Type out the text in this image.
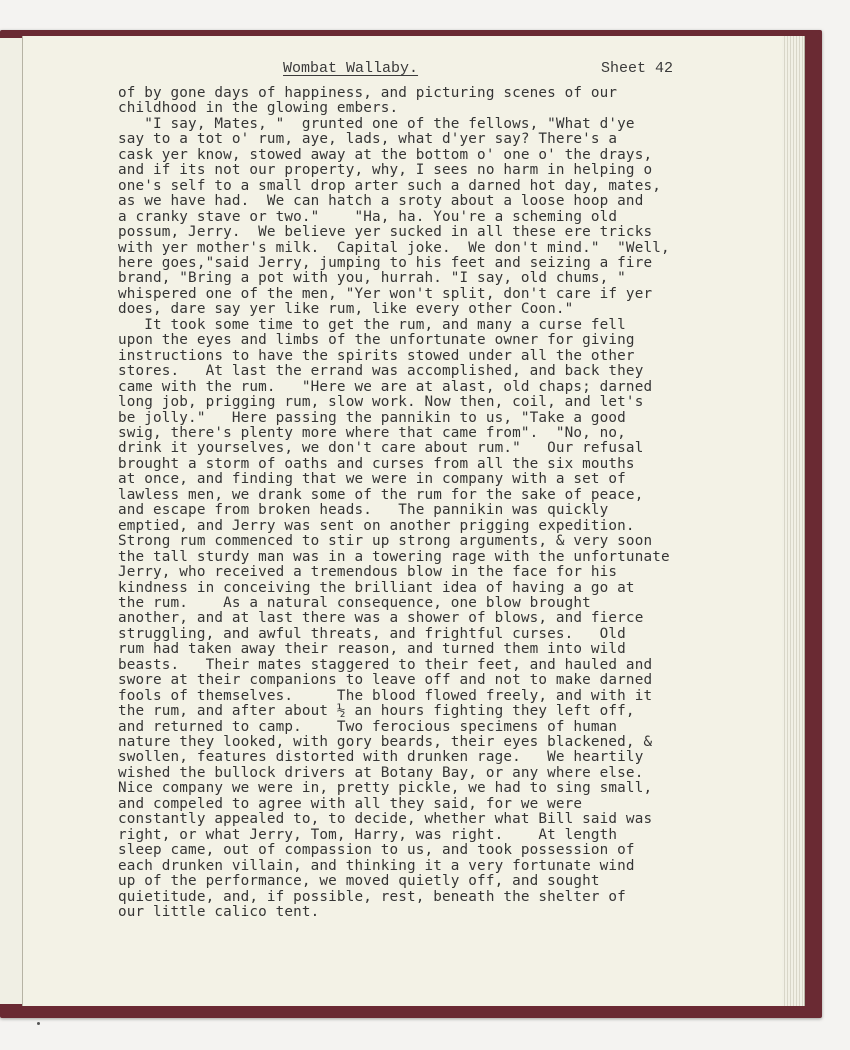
Wombat Wallaby.	Sheet 42
of by gone days of happiness, and picturing scenes of our
childhood in the glowing embers.
"I say, Mates, "  grunted one of the fellows, "What d'ye
say to a tot o' rum, aye, lads, what d'yer say? There's a
cask yer know, stowed away at the bottom o' one o' the drays,
and if its not our property, why, I sees no harm in helping o
one's self to a small drop arter such a darned hot day, mates,
as we have had.  We can hatch a sroty about a loose hoop and
a cranky stave or two."    "Ha, ha. You're a scheming old
possum, Jerry.  We believe yer sucked in all these ere tricks
with yer mother's milk.  Capital joke.  We don't mind."  "Well,
here goes,"said Jerry, jumping to his feet and seizing a fire
brand, "Bring a pot with you, hurrah. "I say, old chums, "
whispered one of the men, "Yer won't split, don't care if yer
does, dare say yer like rum, like every other Coon."
It took some time to get the rum, and many a curse fell
upon the eyes and limbs of the unfortunate owner for giving
instructions to have the spirits stowed under all the other
stores.   At last the errand was accomplished, and back they
came with the rum.   "Here we are at alast, old chaps; darned
long job, prigging rum, slow work. Now then, coil, and let's
be jolly."   Here passing the pannikin to us, "Take a good
swig, there's plenty more where that came from".  "No, no,
drink it yourselves, we don't care about rum."   Our refusal
brought a storm of oaths and curses from all the six mouths
at once, and finding that we were in company with a set of
lawless men, we drank some of the rum for the sake of peace,
and escape from broken heads.   The pannikin was quickly
emptied, and Jerry was sent on another prigging expedition.
Strong rum commenced to stir up strong arguments, & very soon
the tall sturdy man was in a towering rage with the unfortunate
Jerry, who received a tremendous blow in the face for his
kindness in conceiving the brilliant idea of having a go at
the rum.    As a natural consequence, one blow brought
another, and at last there was a shower of blows, and fierce
struggling, and awful threats, and frightful curses.   Old
rum had taken away their reason, and turned them into wild
beasts.   Their mates staggered to their feet, and hauled and
swore at their companions to leave off and not to make darned
fools of themselves.     The blood flowed freely, and with it
the rum, and after about ½ an hours fighting they left off,
and returned to camp.    Two ferocious specimens of human
nature they looked, with gory beards, their eyes blackened, &
swollen, features distorted with drunken rage.   We heartily
wished the bullock drivers at Botany Bay, or any where else.
Nice company we were in, pretty pickle, we had to sing small,
and compeled to agree with all they said, for we were
constantly appealed to, to decide, whether what Bill said was
right, or what Jerry, Tom, Harry, was right.    At length
sleep came, out of compassion to us, and took possession of
each drunken villain, and thinking it a very fortunate wind
up of the performance, we moved quietly off, and sought
quietitude, and, if possible, rest, beneath the shelter of
our little calico tent.
